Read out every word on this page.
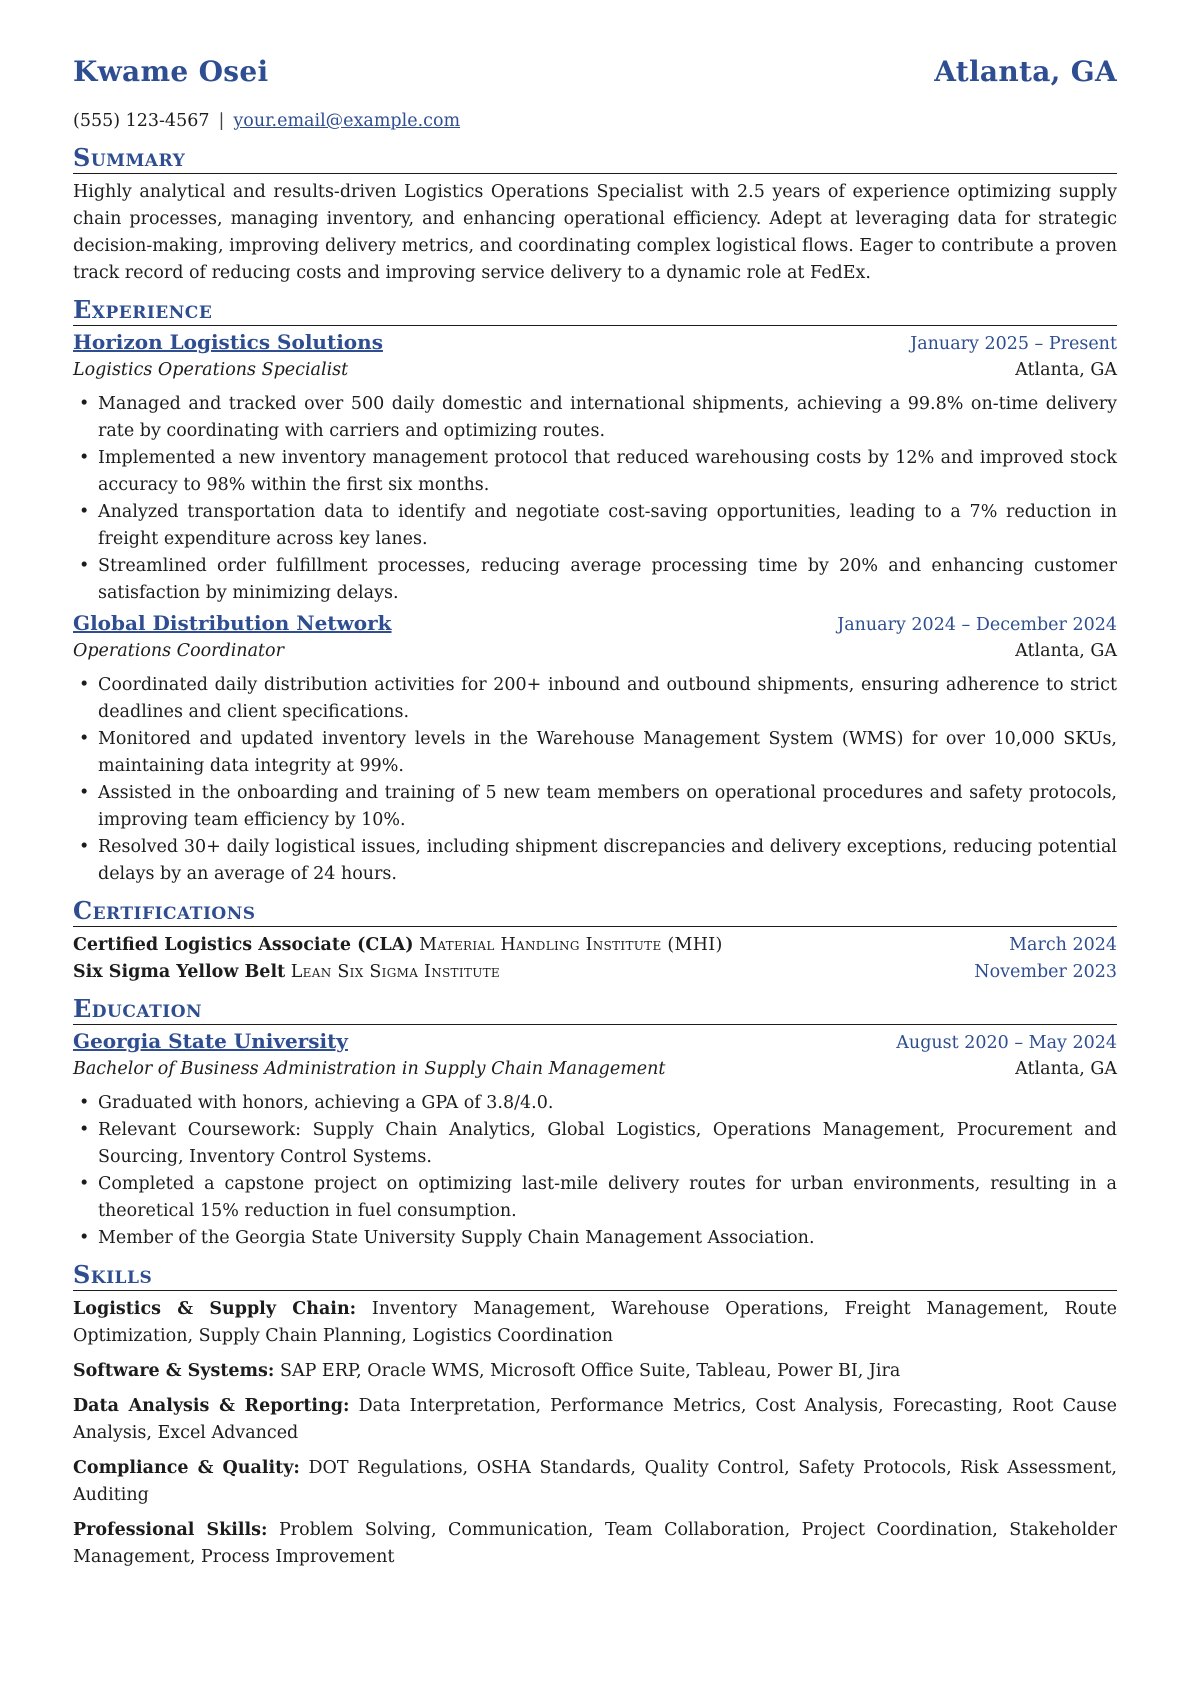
Kwame Osei	Atlanta, GA
(555) 123-4567 | your.email@example.com
Summary

Highly analytical and results-driven Logistics Operations Specialist with 2.5 years of experience optimizing supply chain processes, managing inventory, and enhancing operational efficiency. Adept at leveraging data for strategic decision-making, improving delivery metrics, and coordinating complex logistical flows. Eager to contribute a proven track record of reducing costs and improving service delivery to a dynamic role at FedEx.

Experience
Horizon Logistics Solutions	January 2025 – Present
Logistics Operations Specialist	Atlanta, GA
• Managed and tracked over 500 daily domestic and international shipments, achieving a 99.8% on-time delivery rate by coordinating with carriers and optimizing routes.
• Implemented a new inventory management protocol that reduced warehousing costs by 12% and improved stock accuracy to 98% within the first six months.
• Analyzed transportation data to identify and negotiate cost-saving opportunities, leading to a 7% reduction in freight expenditure across key lanes.
• Streamlined order fulfillment processes, reducing average processing time by 20% and enhancing customer satisfaction by minimizing delays.
Global Distribution Network	January 2024 – December 2024
Operations Coordinator	Atlanta, GA
• Coordinated daily distribution activities for 200+ inbound and outbound shipments, ensuring adherence to strict deadlines and client specifications.
• Monitored and updated inventory levels in the Warehouse Management System (WMS) for over 10,000 SKUs, maintaining data integrity at 99%.
• Assisted in the onboarding and training of 5 new team members on operational procedures and safety protocols, improving team efficiency by 10%.
• Resolved 30+ daily logistical issues, including shipment discrepancies and delivery exceptions, reducing potential delays by an average of 24 hours.
Certifications
Certified Logistics Associate (CLA) Material Handling Institute (MHI)	March 2024
Six Sigma Yellow Belt Lean Six Sigma Institute	November 2023
Education
Georgia State University	August 2020 – May 2024
Bachelor of Business Administration in Supply Chain Management	Atlanta, GA
• Graduated with honors, achieving a GPA of 3.8/4.0.
• Relevant Coursework: Supply Chain Analytics, Global Logistics, Operations Management, Procurement and Sourcing, Inventory Control Systems.
• Completed a capstone project on optimizing last-mile delivery routes for urban environments, resulting in a theoretical 15% reduction in fuel consumption.
• Member of the Georgia State University Supply Chain Management Association.
Skills
Logistics & Supply Chain: Inventory Management, Warehouse Operations, Freight Management, Route Optimization, Supply Chain Planning, Logistics Coordination
Software & Systems: SAP ERP, Oracle WMS, Microsoft Office Suite, Tableau, Power BI, Jira
Data Analysis & Reporting: Data Interpretation, Performance Metrics, Cost Analysis, Forecasting, Root Cause Analysis, Excel Advanced
Compliance & Quality: DOT Regulations, OSHA Standards, Quality Control, Safety Protocols, Risk Assessment, Auditing
Professional Skills: Problem Solving, Communication, Team Collaboration, Project Coordination, Stakeholder Management, Process Improvement
